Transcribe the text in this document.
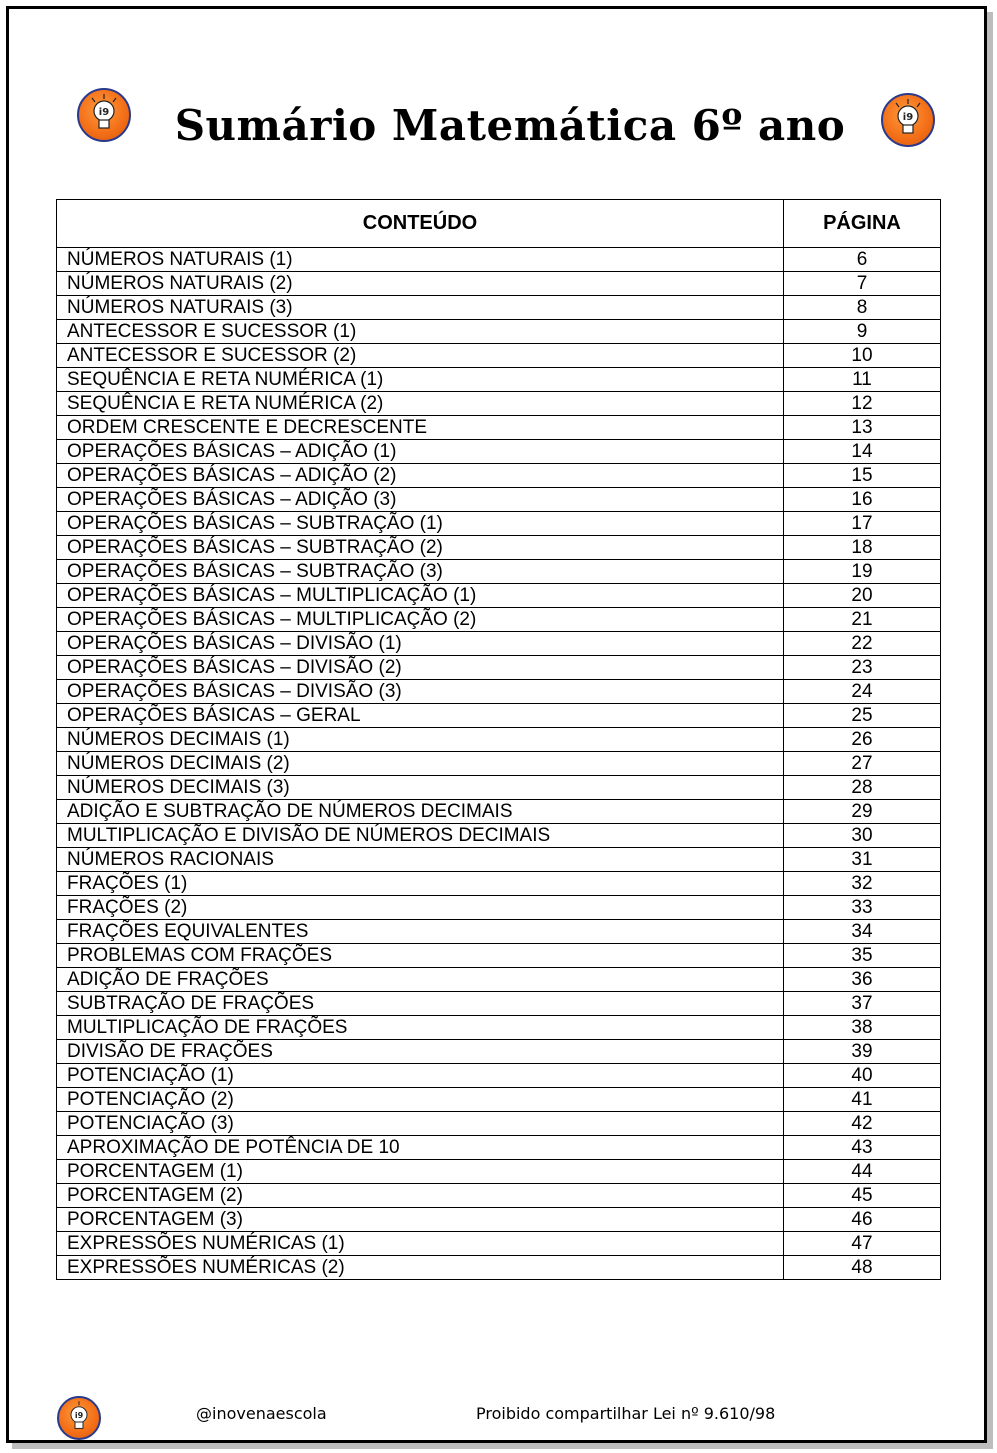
i9	Sumário Matemática 6º ano	i9
CONTEÚDO	PÁGINA
NÚMEROS NATURAIS (1)	6
NÚMEROS NATURAIS (2)	7
NÚMEROS NATURAIS (3)	8
ANTECESSOR E SUCESSOR (1)	9
ANTECESSOR E SUCESSOR (2)	10
SEQUÊNCIA E RETA NUMÉRICA (1)	11
SEQUÊNCIA E RETA NUMÉRICA (2)	12
ORDEM CRESCENTE E DECRESCENTE	13
OPERAÇÕES BÁSICAS – ADIÇÃO (1)	14
OPERAÇÕES BÁSICAS – ADIÇÃO (2)	15
OPERAÇÕES BÁSICAS – ADIÇÃO (3)	16
OPERAÇÕES BÁSICAS – SUBTRAÇÃO (1)	17
OPERAÇÕES BÁSICAS – SUBTRAÇÃO (2)	18
OPERAÇÕES BÁSICAS – SUBTRAÇÃO (3)	19
OPERAÇÕES BÁSICAS – MULTIPLICAÇÃO (1)	20
OPERAÇÕES BÁSICAS – MULTIPLICAÇÃO (2)	21
OPERAÇÕES BÁSICAS – DIVISÃO (1)	22
OPERAÇÕES BÁSICAS – DIVISÃO (2)	23
OPERAÇÕES BÁSICAS – DIVISÃO (3)	24
OPERAÇÕES BÁSICAS – GERAL	25
NÚMEROS DECIMAIS (1)	26
NÚMEROS DECIMAIS (2)	27
NÚMEROS DECIMAIS (3)	28
ADIÇÃO E SUBTRAÇÃO DE NÚMEROS DECIMAIS	29
MULTIPLICAÇÃO E DIVISÃO DE NÚMEROS DECIMAIS	30
NÚMEROS RACIONAIS	31
FRAÇÕES (1)	32
FRAÇÕES (2)	33
FRAÇÕES EQUIVALENTES	34
PROBLEMAS COM FRAÇÕES	35
ADIÇÃO DE FRAÇÕES	36
SUBTRAÇÃO DE FRAÇÕES	37
MULTIPLICAÇÃO DE FRAÇÕES	38
DIVISÃO DE FRAÇÕES	39
POTENCIAÇÃO (1)	40
POTENCIAÇÃO (2)	41
POTENCIAÇÃO (3)	42
APROXIMAÇÃO DE POTÊNCIA DE 10	43
PORCENTAGEM (1)	44
PORCENTAGEM (2)	45
PORCENTAGEM (3)	46
EXPRESSÕES NUMÉRICAS (1)	47
EXPRESSÕES NUMÉRICAS (2)	48
i9	@inovenaescola	Proibido compartilhar Lei nº 9.610/98
